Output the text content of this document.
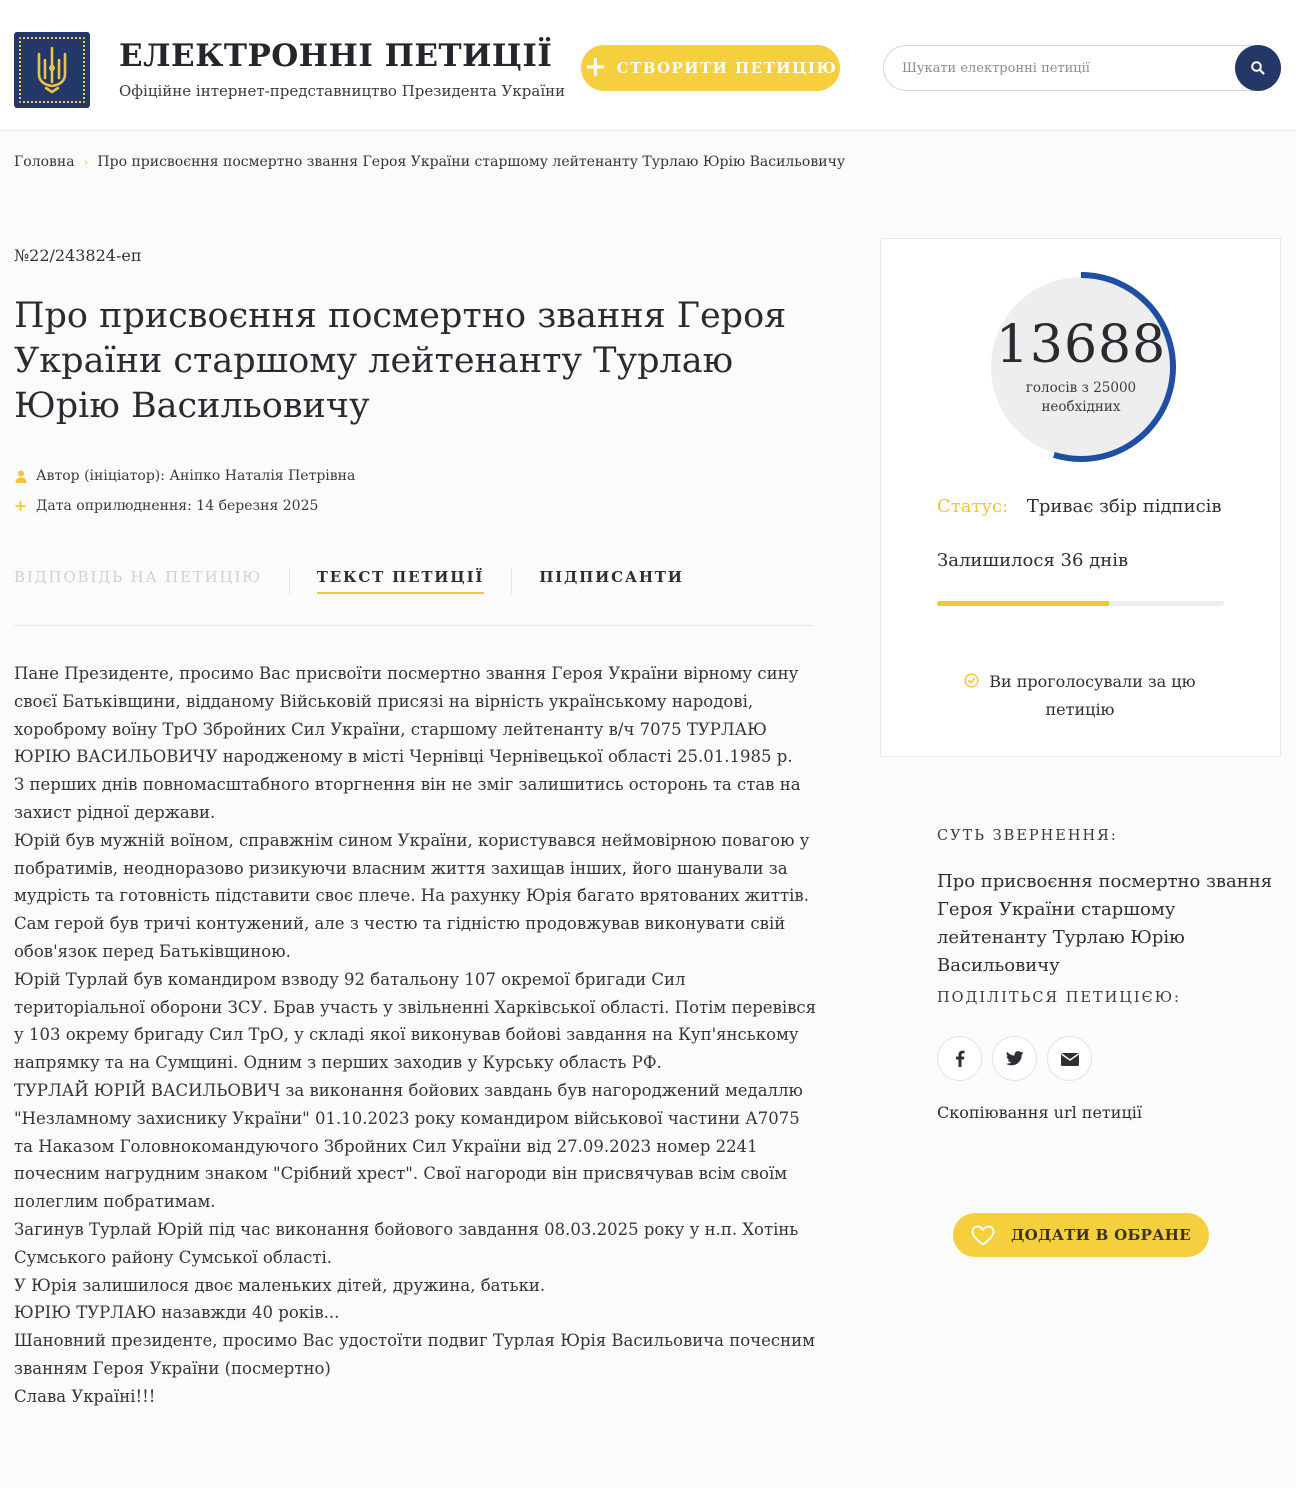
ЕЛЕКТРОННІ ПЕТИЦІЇ
Офіційне інтернет-представництво Президента України
+ СТВОРИТИ ПЕТИЦІЮ
Шукати електронні петиції
Головна › Про присвоєння посмертно звання Героя України старшому лейтенанту Турлаю Юрію Васильовичу
№22/243824-еп
Про присвоєння посмертно звання Героя України старшому лейтенанту Турлаю Юрію Васильовичу
Автор (ініціатор): Аніпко Наталія Петрівна
+ Дата оприлюднення: 14 березня 2025
ВІДПОВІДЬ НА ПЕТИЦІЮ	ТЕКСТ ПЕТИЦІЇ	ПІДПИСАНТИ

Пане Президенте, просимо Вас присвоїти посмертно звання Героя України вірному сину своєї Батьківщини, відданому Військовій присязі на вірність українському народові, хороброму воїну ТрО Збройних Сил України, старшому лейтенанту в/ч 7075 ТУРЛАЮ ЮРІЮ ВАСИЛЬОВИЧУ народженому в місті Чернівці Чернівецької області 25.01.1985 р.

З перших днів повномасштабного вторгнення він не зміг залишитись осторонь та став на захист рідної держави.

Юрій був мужній воїном, справжнім сином України, користувався неймовірною повагою у побратимів, неодноразово ризикуючи власним життя захищав інших, його шанували за мудрість та готовність підставити своє плече. На рахунку Юрія багато врятованих життів. Сам герой був тричі контужений, але з честю та гідністю продовжував виконувати свій обов'язок перед Батьківщиною.

Юрій Турлай був командиром взводу 92 батальону 107 окремої бригади Сил територіальної оборони ЗСУ. Брав участь у звільненні Харківської області. Потім перевівся у 103 окрему бригаду Сил ТрО, у складі якої виконував бойові завдання на Куп'янському напрямку та на Сумщині. Одним з перших заходив у Курську область РФ.

ТУРЛАЙ ЮРІЙ ВАСИЛЬОВИЧ за виконання бойових завдань був нагороджений медаллю "Незламному захиснику України" 01.10.2023 року командиром військової частини А7075 та Наказом Головнокомандуючого Збройних Сил України від 27.09.2023 номер 2241 почесним нагрудним знаком "Срібний хрест". Свої нагороди він присвячував всім своїм полеглим побратимам.

Загинув Турлай Юрій під час виконання бойового завдання 08.03.2025 року у н.п. Хотінь Сумського району Сумської області.

У Юрія залишилося двоє маленьких дітей, дружина, батьки.

ЮРІЮ ТУРЛАЮ назавжди 40 років...

Шановний президенте, просимо Вас удостоїти подвиг Турлая Юрія Васильовича почесним званням Героя України (посмертно)

Слава Україні!!!

13688
голосів з 25000 необхідних
Статус: Триває збір підписів
Залишилося 36 днів
Ви проголосували за цю петицію
СУТЬ ЗВЕРНЕННЯ:
Про присвоєння посмертно звання Героя України старшому лейтенанту Турлаю Юрію Васильовичу
ПОДІЛІТЬСЯ ПЕТИЦІЄЮ:
Скопіювання url петиції
ДОДАТИ В ОБРАНЕ
